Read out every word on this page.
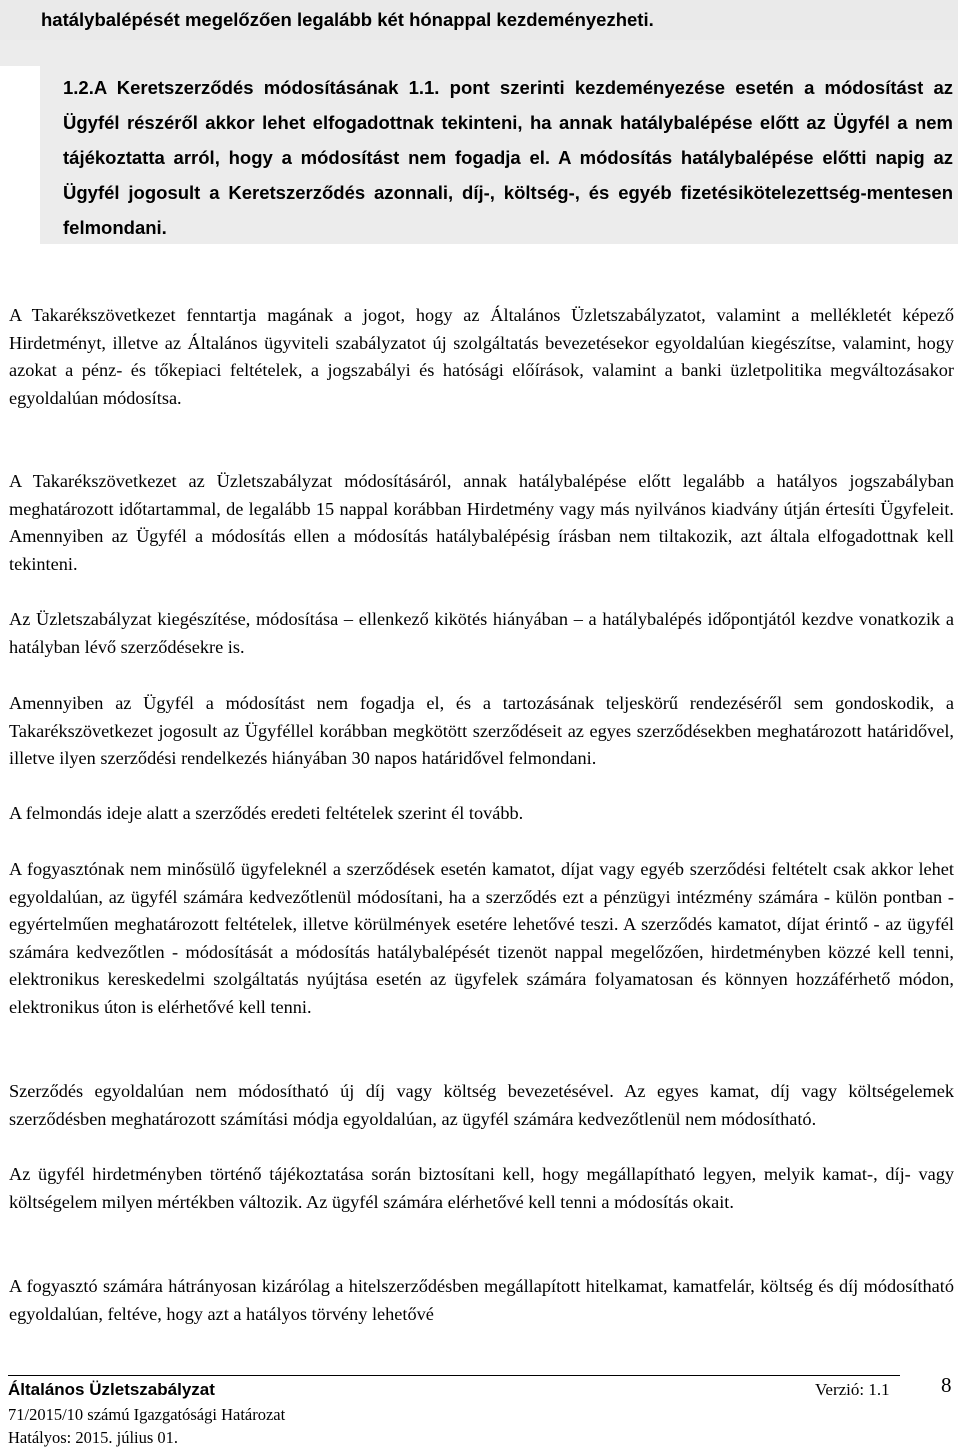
hatálybalépését megelőzően legalább két hónappal kezdeményezheti.
1.2.A Keretszerződés módosításának 1.1. pont szerinti kezdeményezése esetén a módosítást az Ügyfél részéről akkor lehet elfogadottnak tekinteni, ha annak hatálybalépése előtt az Ügyfél a nem tájékoztatta arról, hogy a módosítást nem fogadja el. A módosítás hatálybalépése előtti napig az Ügyfél jogosult a Keretszerződés azonnali, díj-, költség-, és egyéb fizetésikötelezettség-mentesen felmondani.
A Takarékszövetkezet fenntartja magának a jogot, hogy az Általános Üzletszabályzatot, valamint a mellékletét képező Hirdetményt, illetve az Általános ügyviteli szabályzatot új szolgáltatás bevezetésekor egyoldalúan kiegészítse, valamint, hogy azokat a pénz- és tőkepiaci feltételek, a jogszabályi és hatósági előírások, valamint a banki üzletpolitika megváltozásakor egyoldalúan módosítsa.
A Takarékszövetkezet az Üzletszabályzat módosításáról, annak hatálybalépése előtt legalább a hatályos jogszabályban meghatározott időtartammal, de legalább 15 nappal korábban Hirdetmény vagy más nyilvános kiadvány útján értesíti Ügyfeleit. Amennyiben az Ügyfél a módosítás ellen a módosítás hatálybalépésig írásban nem tiltakozik, azt általa elfogadottnak kell tekinteni.
Az Üzletszabályzat kiegészítése, módosítása – ellenkező kikötés hiányában – a hatálybalépés időpontjától kezdve vonatkozik a hatályban lévő szerződésekre is.
Amennyiben az Ügyfél a módosítást nem fogadja el, és a tartozásának teljeskörű rendezéséről sem gondoskodik, a Takarékszövetkezet jogosult az Ügyféllel korábban megkötött szerződéseit az egyes szerződésekben meghatározott határidővel, illetve ilyen szerződési rendelkezés hiányában 30 napos határidővel felmondani.
A felmondás ideje alatt a szerződés eredeti feltételek szerint él tovább.
A fogyasztónak nem minősülő ügyfeleknél a szerződések esetén kamatot, díjat vagy egyéb szerződési feltételt csak akkor lehet egyoldalúan, az ügyfél számára kedvezőtlenül módosítani, ha a szerződés ezt a pénzügyi intézmény számára - külön pontban - egyértelműen meghatározott feltételek, illetve körülmények esetére lehetővé teszi. A szerződés kamatot, díjat érintő - az ügyfél számára kedvezőtlen - módosítását a módosítás hatálybalépését tizenöt nappal megelőzően, hirdetményben közzé kell tenni, elektronikus kereskedelmi szolgáltatás nyújtása esetén az ügyfelek számára folyamatosan és könnyen hozzáférhető módon, elektronikus úton is elérhetővé kell tenni.
Szerződés egyoldalúan nem módosítható új díj vagy költség bevezetésével. Az egyes kamat, díj vagy költségelemek szerződésben meghatározott számítási módja egyoldalúan, az ügyfél számára kedvezőtlenül nem módosítható.
Az ügyfél hirdetményben történő tájékoztatása során biztosítani kell, hogy megállapítható legyen, melyik kamat-, díj- vagy költségelem milyen mértékben változik. Az ügyfél számára elérhetővé kell tenni a módosítás okait.
A fogyasztó számára hátrányosan kizárólag a hitelszerződésben megállapított hitelkamat, kamatfelár, költség és díj módosítható egyoldalúan, feltéve, hogy azt a hatályos törvény lehetővé
Általános Üzletszabályzat	Verzió: 1.1
71/2015/10 számú Igazgatósági Határozat
Hatályos: 2015. július 01.
8
